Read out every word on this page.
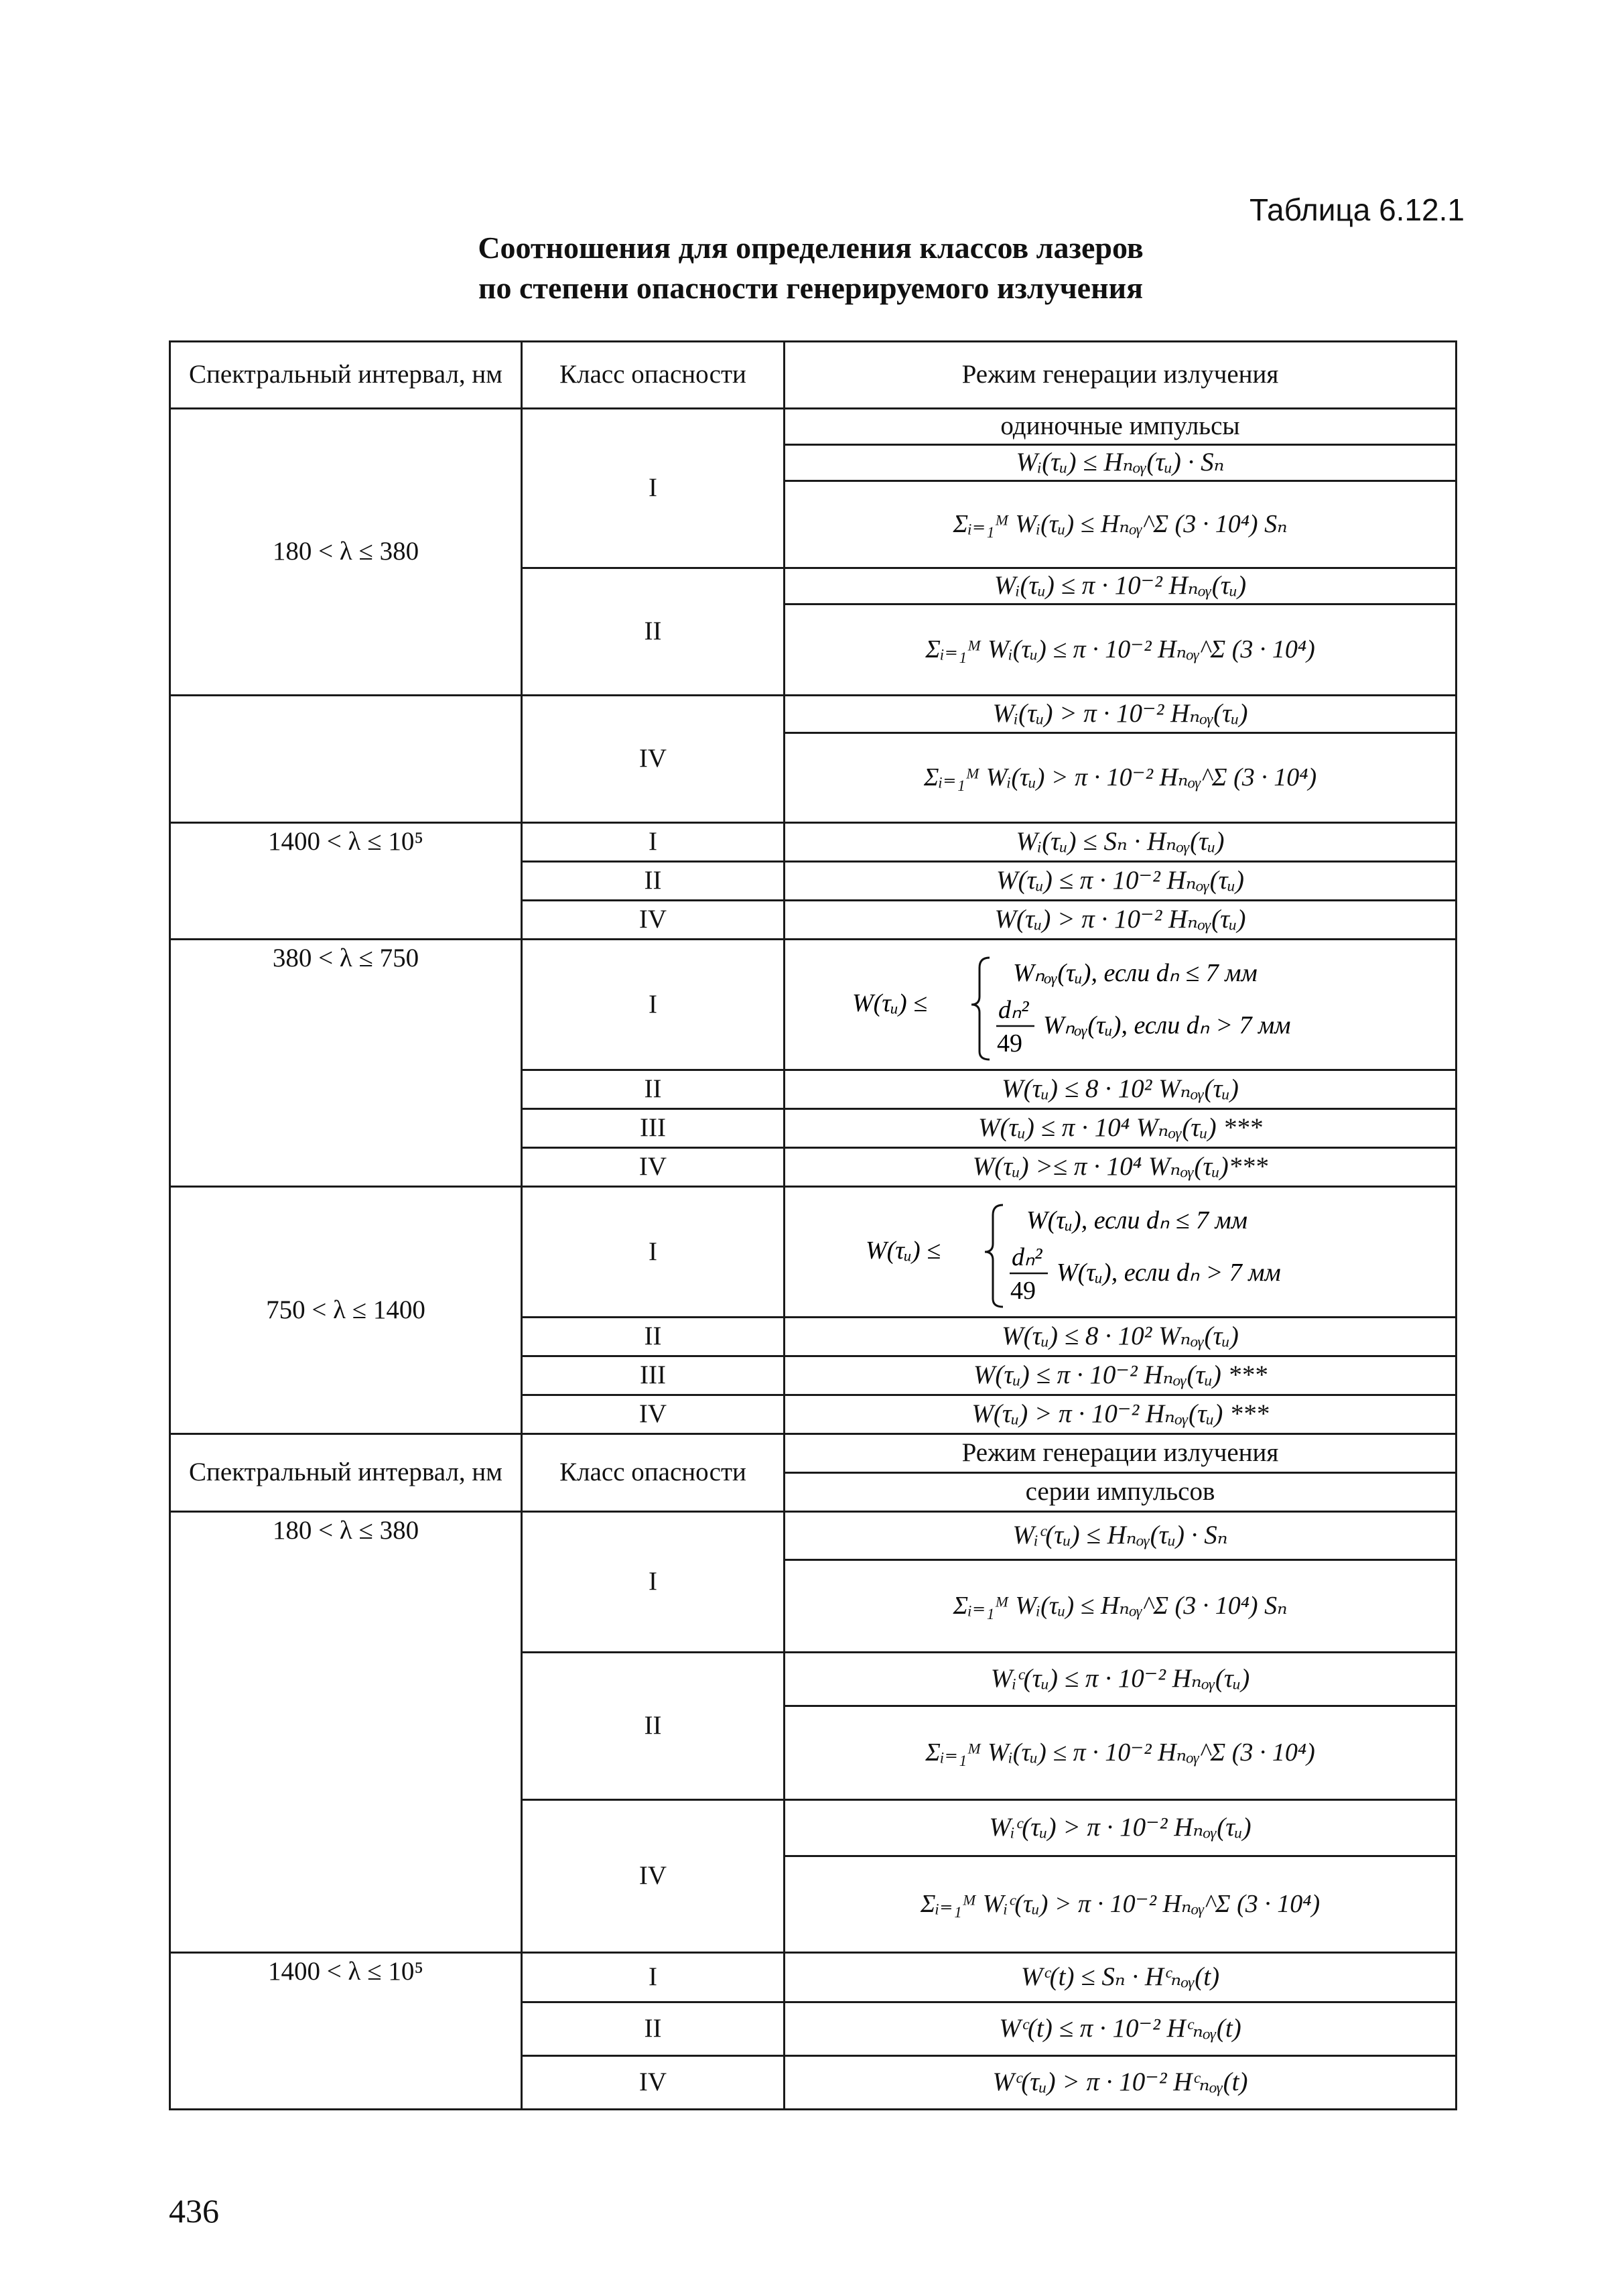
Таблица 6.12.1
Соотношения для определения классов лазеров
по степени опасности генерируемого излучения
Спектральный интервал, нм	Класс опасности	Режим генерации излучения
180 < λ ≤ 380	I	одиночные импульсы
		Wᵢ(τᵤ) ≤ Hₙₒᵧ(τᵤ) · Sₙ
		Σᵢ₌₁ᴹ Wᵢ(τᵤ) ≤ Hₙₒᵧ^Σ (3 · 10⁴) Sₙ
	II	Wᵢ(τᵤ) ≤ π · 10⁻² Hₙₒᵧ(τᵤ)
		Σᵢ₌₁ᴹ Wᵢ(τᵤ) ≤ π · 10⁻² Hₙₒᵧ^Σ (3 · 10⁴)
	IV	Wᵢ(τᵤ) > π · 10⁻² Hₙₒᵧ(τᵤ)
		Σᵢ₌₁ᴹ Wᵢ(τᵤ) > π · 10⁻² Hₙₒᵧ^Σ (3 · 10⁴)
1400 < λ ≤ 10⁵	I	Wᵢ(τᵤ) ≤ Sₙ · Hₙₒᵧ(τᵤ)
	II	W(τᵤ) ≤ π · 10⁻² Hₙₒᵧ(τᵤ)
	IV	W(τᵤ) > π · 10⁻² Hₙₒᵧ(τᵤ)
380 < λ ≤ 750	I	W(τᵤ) ≤
Wₙₒᵧ(τᵤ), если dₙ ≤ 7 мм
dₙ²
49
Wₙₒᵧ(τᵤ), если dₙ > 7 мм

	II	W(τᵤ) ≤ 8 · 10² Wₙₒᵧ(τᵤ)
	III	W(τᵤ) ≤ π · 10⁴ Wₙₒᵧ(τᵤ) ***
	IV	W(τᵤ) >≤ π · 10⁴ Wₙₒᵧ(τᵤ)***
750 < λ ≤ 1400	I	W(τᵤ) ≤
W(τᵤ), если dₙ ≤ 7 мм
dₙ²
49
W(τᵤ), если dₙ > 7 мм

	II	W(τᵤ) ≤ 8 · 10² Wₙₒᵧ(τᵤ)
	III	W(τᵤ) ≤ π · 10⁻² Hₙₒᵧ(τᵤ) ***
	IV	W(τᵤ) > π · 10⁻² Hₙₒᵧ(τᵤ) ***
Спектральный интервал, нм	Класс опасности	Режим генерации излучения
		серии импульсов
180 < λ ≤ 380	I	Wᵢᶜ(τᵤ) ≤ Hₙₒᵧ(τᵤ) · Sₙ
		Σᵢ₌₁ᴹ Wᵢ(τᵤ) ≤ Hₙₒᵧ^Σ (3 · 10⁴) Sₙ
	II	Wᵢᶜ(τᵤ) ≤ π · 10⁻² Hₙₒᵧ(τᵤ)
		Σᵢ₌₁ᴹ Wᵢ(τᵤ) ≤ π · 10⁻² Hₙₒᵧ^Σ (3 · 10⁴)
	IV	Wᵢᶜ(τᵤ) > π · 10⁻² Hₙₒᵧ(τᵤ)
		Σᵢ₌₁ᴹ Wᵢᶜ(τᵤ) > π · 10⁻² Hₙₒᵧ^Σ (3 · 10⁴)
1400 < λ ≤ 10⁵	I	Wᶜ(t) ≤ Sₙ · Hᶜₙₒᵧ(t)
	II	Wᶜ(t) ≤ π · 10⁻² Hᶜₙₒᵧ(t)
	IV	Wᶜ(τᵤ) > π · 10⁻² Hᶜₙₒᵧ(t)
436
